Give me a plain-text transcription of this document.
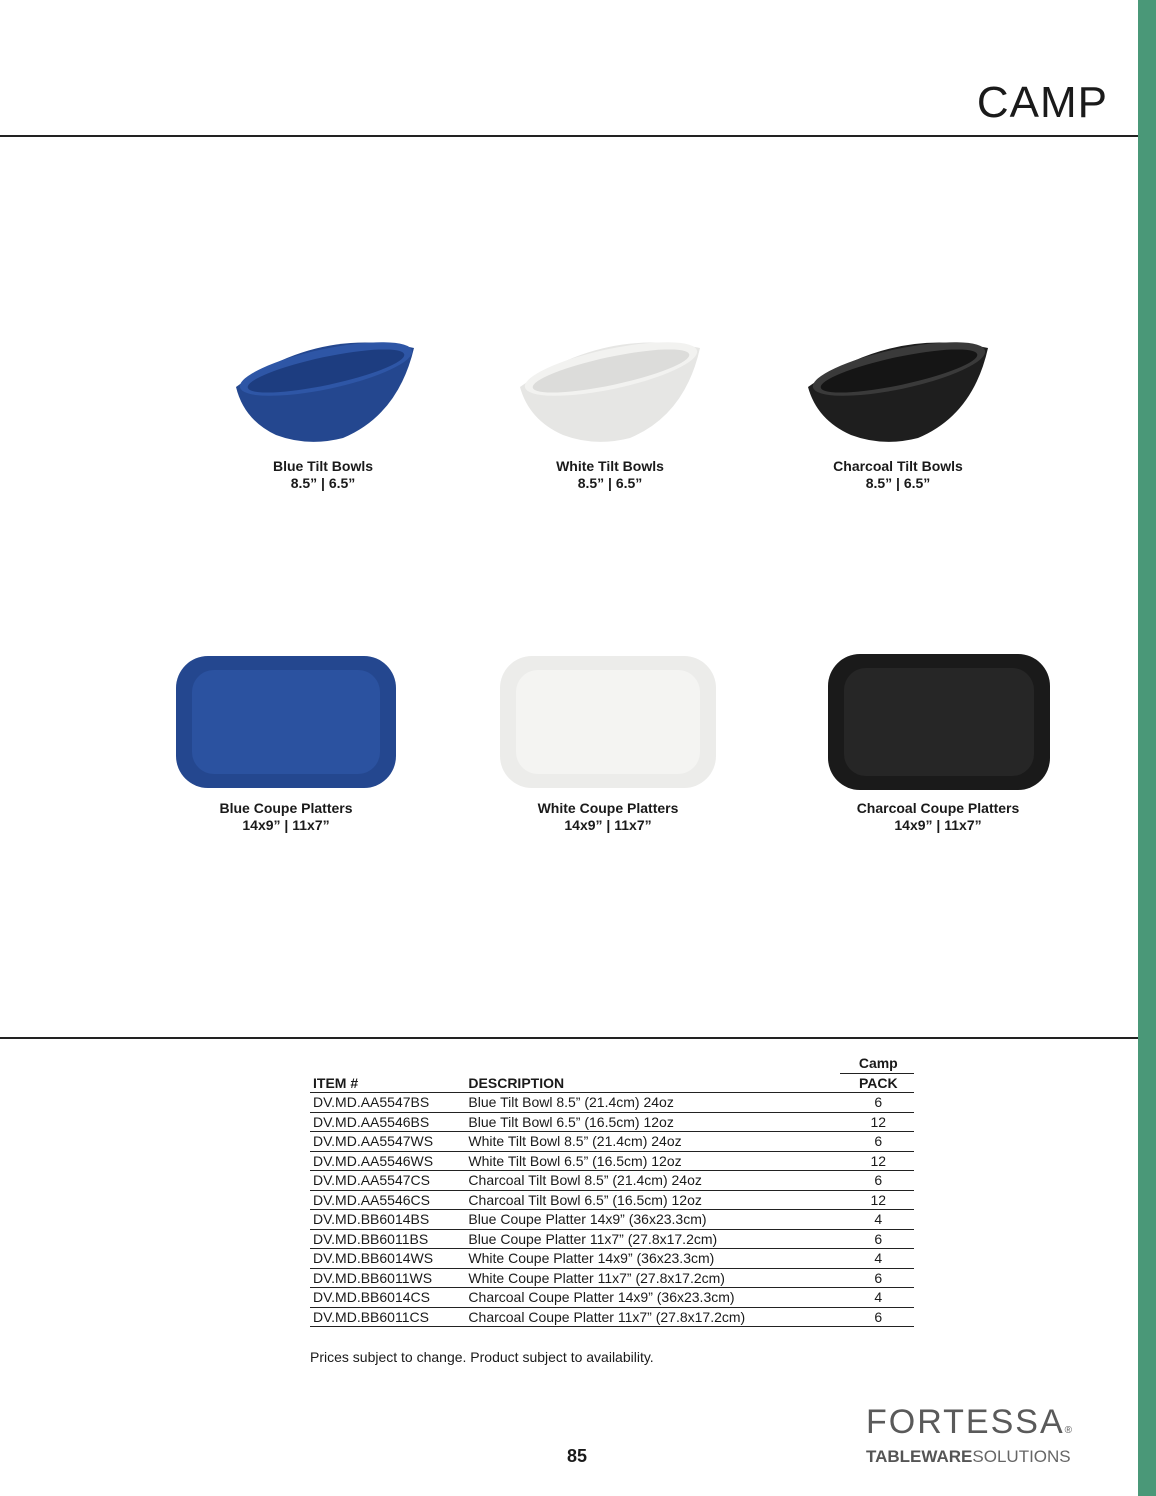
CAMP
Blue Tilt Bowls
8.5” | 6.5”
White Tilt Bowls
8.5” | 6.5”
Charcoal Tilt Bowls
8.5” | 6.5”
Blue Coupe Platters
14x9” | 11x7”
White Coupe Platters
14x9” | 11x7”
Charcoal Coupe Platters
14x9” | 11x7”
		Camp
ITEM #	DESCRIPTION	PACK
DV.MD.AA5547BS	Blue Tilt Bowl 8.5” (21.4cm) 24oz	6
DV.MD.AA5546BS	Blue Tilt Bowl 6.5” (16.5cm) 12oz	12
DV.MD.AA5547WS	White Tilt Bowl 8.5” (21.4cm) 24oz	6
DV.MD.AA5546WS	White Tilt Bowl 6.5” (16.5cm) 12oz	12
DV.MD.AA5547CS	Charcoal Tilt Bowl 8.5” (21.4cm) 24oz	6
DV.MD.AA5546CS	Charcoal Tilt Bowl 6.5” (16.5cm) 12oz	12
DV.MD.BB6014BS	Blue Coupe Platter 14x9” (36x23.3cm)	4
DV.MD.BB6011BS	Blue Coupe Platter 11x7” (27.8x17.2cm)	6
DV.MD.BB6014WS	White Coupe Platter 14x9” (36x23.3cm)	4
DV.MD.BB6011WS	White Coupe Platter 11x7” (27.8x17.2cm)	6
DV.MD.BB6014CS	Charcoal Coupe Platter 14x9” (36x23.3cm)	4
DV.MD.BB6011CS	Charcoal Coupe Platter 11x7” (27.8x17.2cm)	6
Prices subject to change. Product subject to availability.
FORTESSA®
TABLEWARESOLUTIONS
85
